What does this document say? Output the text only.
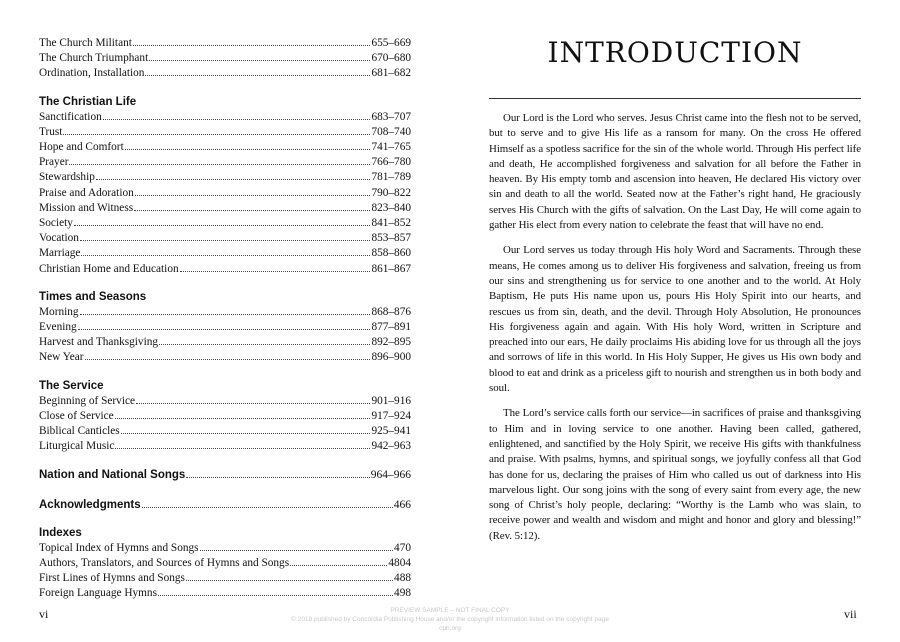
The Church Militant	655–669
The Church Triumphant	670–680
Ordination, Installation	681–682
The Christian Life
Sanctification	683–707
Trust	708–740
Hope and Comfort	741–765
Prayer	766–780
Stewardship	781–789
Praise and Adoration	790–822
Mission and Witness	823–840
Society	841–852
Vocation	853–857
Marriage	858–860
Christian Home and Education	861–867
Times and Seasons
Morning	868–876
Evening	877–891
Harvest and Thanksgiving	892–895
New Year	896–900
The Service
Beginning of Service	901–916
Close of Service	917–924
Biblical Canticles	925–941
Liturgical Music	942–963
Nation and National Songs	964–966
Acknowledgments	466
Indexes
Topical Index of Hymns and Songs	470
Authors, Translators, and Sources of Hymns and Songs	4804
First Lines of Hymns and Songs	488
Foreign Language Hymns	498
vi
INTRODUCTION

Our Lord is the Lord who serves. Jesus Christ came into the flesh not to be served, but to serve and to give His life as a ransom for many. On the cross He offered Himself as a spotless sacrifice for the sin of the whole world. Through His perfect life and death, He accomplished forgiveness and salvation for all before the Father in heaven. By His empty tomb and ascension into heaven, He declared His victory over sin and death to all the world. Seated now at the Father’s right hand, He graciously serves His Church with the gifts of salvation. On the Last Day, He will come again to gather His elect from every nation to celebrate the feast that will have no end.

Our Lord serves us today through His holy Word and Sacraments. Through these means, He comes among us to deliver His forgiveness and salvation, freeing us from our sins and strengthening us for service to one another and to the world. At Holy Baptism, He puts His name upon us, pours His Holy Spirit into our hearts, and rescues us from sin, death, and the devil. Through Holy Absolution, He pronounces His forgiveness again and again. With His holy Word, written in Scripture and preached into our ears, He daily proclaims His abiding love for us through all the joys and sorrows of life in this world. In His Holy Supper, He gives us His own body and blood to eat and drink as a priceless gift to nourish and strengthen us in both body and soul.

The Lord’s service calls forth our service—in sacrifices of praise and thanksgiving to Him and in loving service to one another. Having been called, gathered, enlightened, and sanctified by the Holy Spirit, we receive His gifts with thankfulness and praise. With psalms, hymns, and spiritual songs, we joyfully confess all that God has done for us, declaring the praises of Him who called us out of darkness into His marvelous light. Our song joins with the song of every saint from every age, the new song of Christ’s holy people, declaring: “Worthy is the Lamb who was slain, to receive power and wealth and wisdom and might and honor and glory and blessing!” (Rev. 5:12).

vii
PREVIEW SAMPLE – NOT FINAL COPY
© 2018 published by Concordia Publishing House and/or the copyright information listed on the copyright page
cph.org
